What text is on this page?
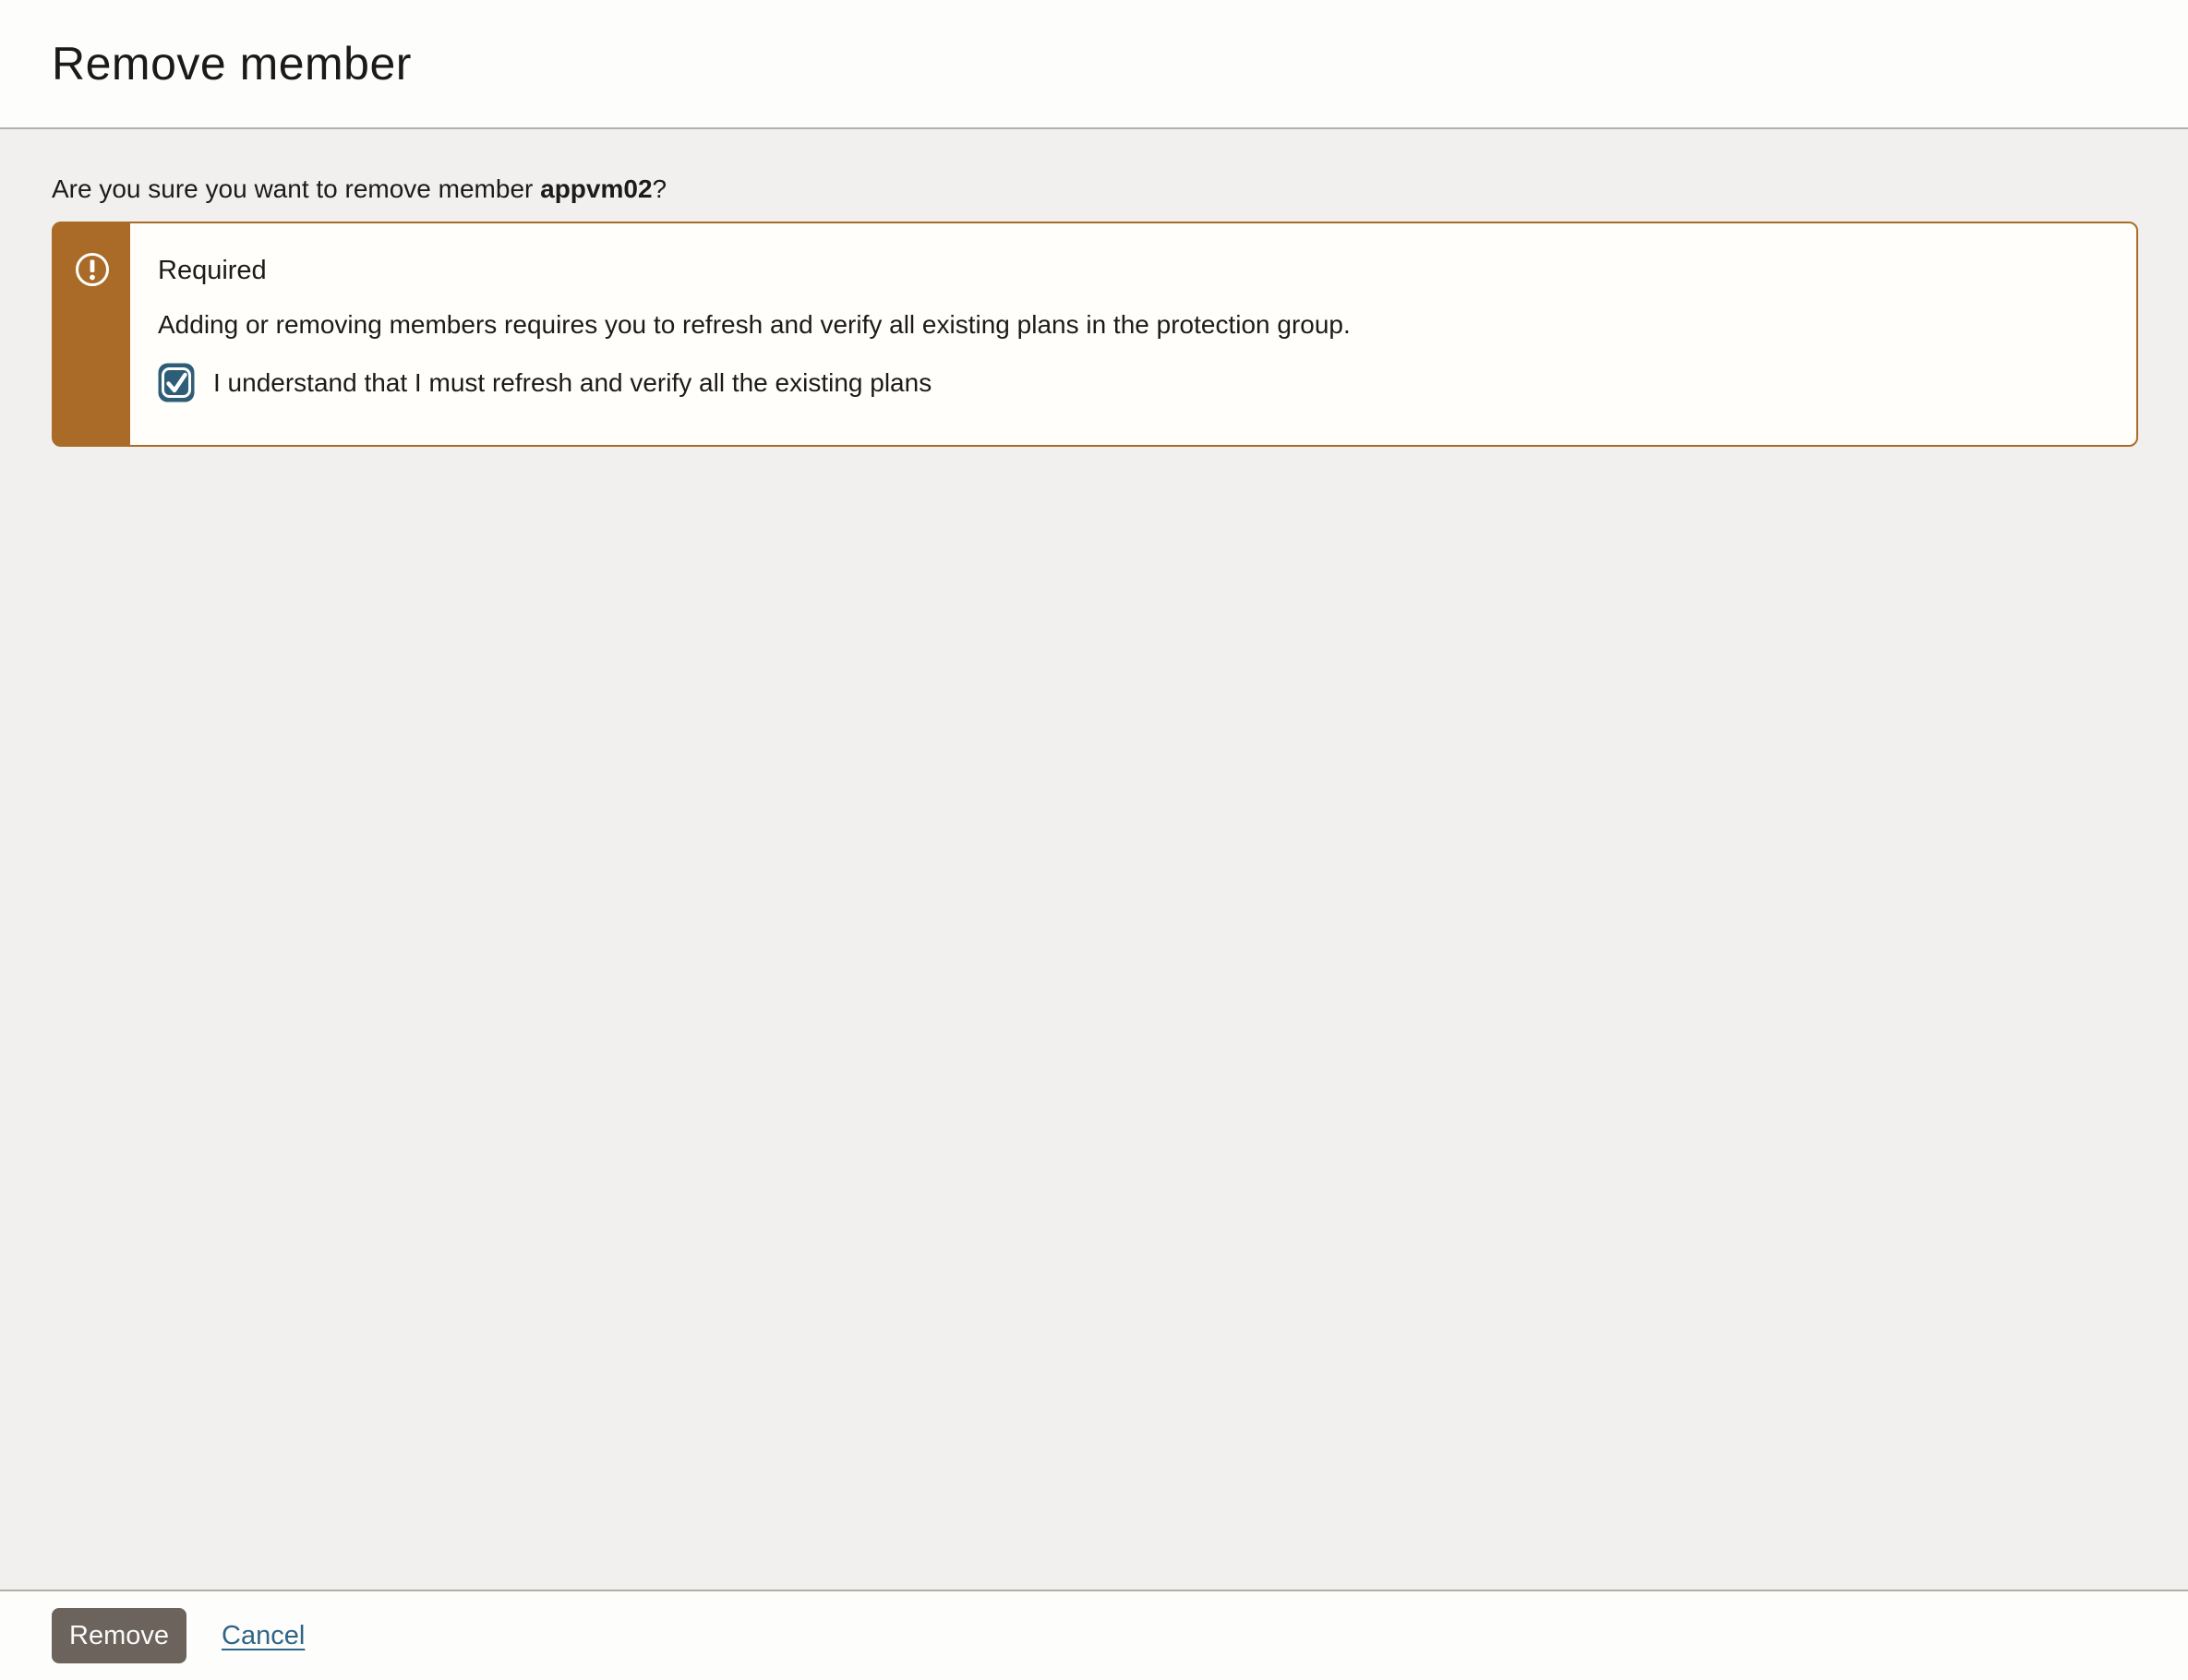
Remove member

Are you sure you want to remove member appvm02?

Required
Adding or removing members requires you to refresh and verify all existing plans in the protection group.
I understand that I must refresh and verify all the existing plans
Remove	Cancel
